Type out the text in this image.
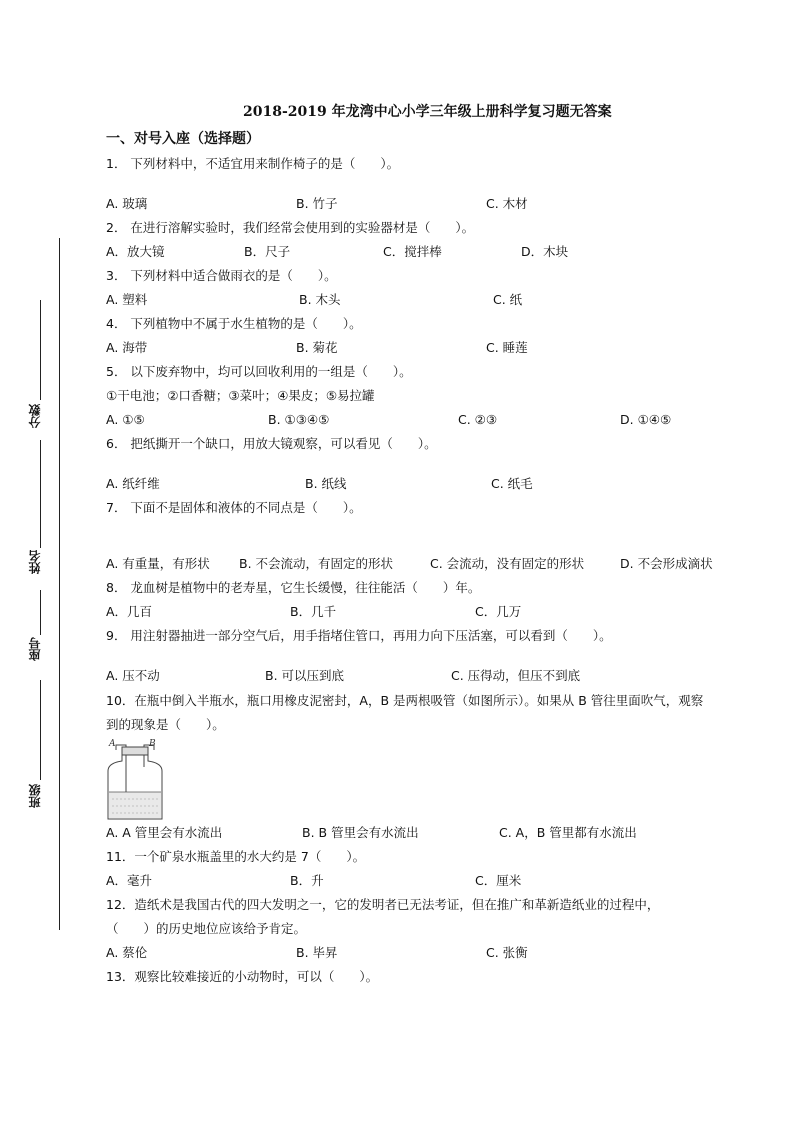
2018-2019 年龙湾中心小学三年级上册科学复习题无答案
一、对号入座（选择题）
分数
姓名
座号
班级
1． 下列材料中，不适宜用来制作椅子的是（　　）。
A. 玻璃	B. 竹子	C. 木材
2． 在进行溶解实验时，我们经常会使用到的实验器材是（　　）。
A．放大镜	B．尺子	C．搅拌棒	D．木块
3． 下列材料中适合做雨衣的是（　　）。
A. 塑料	B. 木头	C. 纸
4． 下列植物中不属于水生植物的是（　　）。
A. 海带	B. 菊花	C. 睡莲
5． 以下废弃物中，均可以回收利用的一组是（　　）。
①干电池；②口香糖；③菜叶；④果皮；⑤易拉罐
A. ①⑤	B. ①③④⑤	C. ②③	D. ①④⑤
6． 把纸撕开一个缺口，用放大镜观察，可以看见（　　）。
A. 纸纤维	B. 纸线	C. 纸毛
7． 下面不是固体和液体的不同点是（　　）。
A. 有重量，有形状 B. 不会流动，有固定的形状	C. 会流动，没有固定的形状	D. 不会形成滴状
8． 龙血树是植物中的老寿星，它生长缓慢，往往能活（　　）年。
A．几百	B．几千	C．几万
9． 用注射器抽进一部分空气后，用手指堵住管口，再用力向下压活塞，可以看到（　　）。
A. 压不动	B. 可以压到底	C. 压得动，但压不到底
10．在瓶中倒入半瓶水，瓶口用橡皮泥密封，A，B 是两根吸管（如图所示）。如果从 B 管往里面吹气，观察
到的现象是（　　）。
A	B
A. A 管里会有水流出	B. B 管里会有水流出	C. A，B 管里都有水流出
11．一个矿泉水瓶盖里的水大约是 7（　　）。
A．毫升	B．升	C．厘米
12．造纸术是我国古代的四大发明之一，它的发明者已无法考证，但在推广和革新造纸业的过程中，
（　　）的历史地位应该给予肯定。
A. 蔡伦	B. 毕昇	C. 张衡
13．观察比较难接近的小动物时，可以（　　）。
